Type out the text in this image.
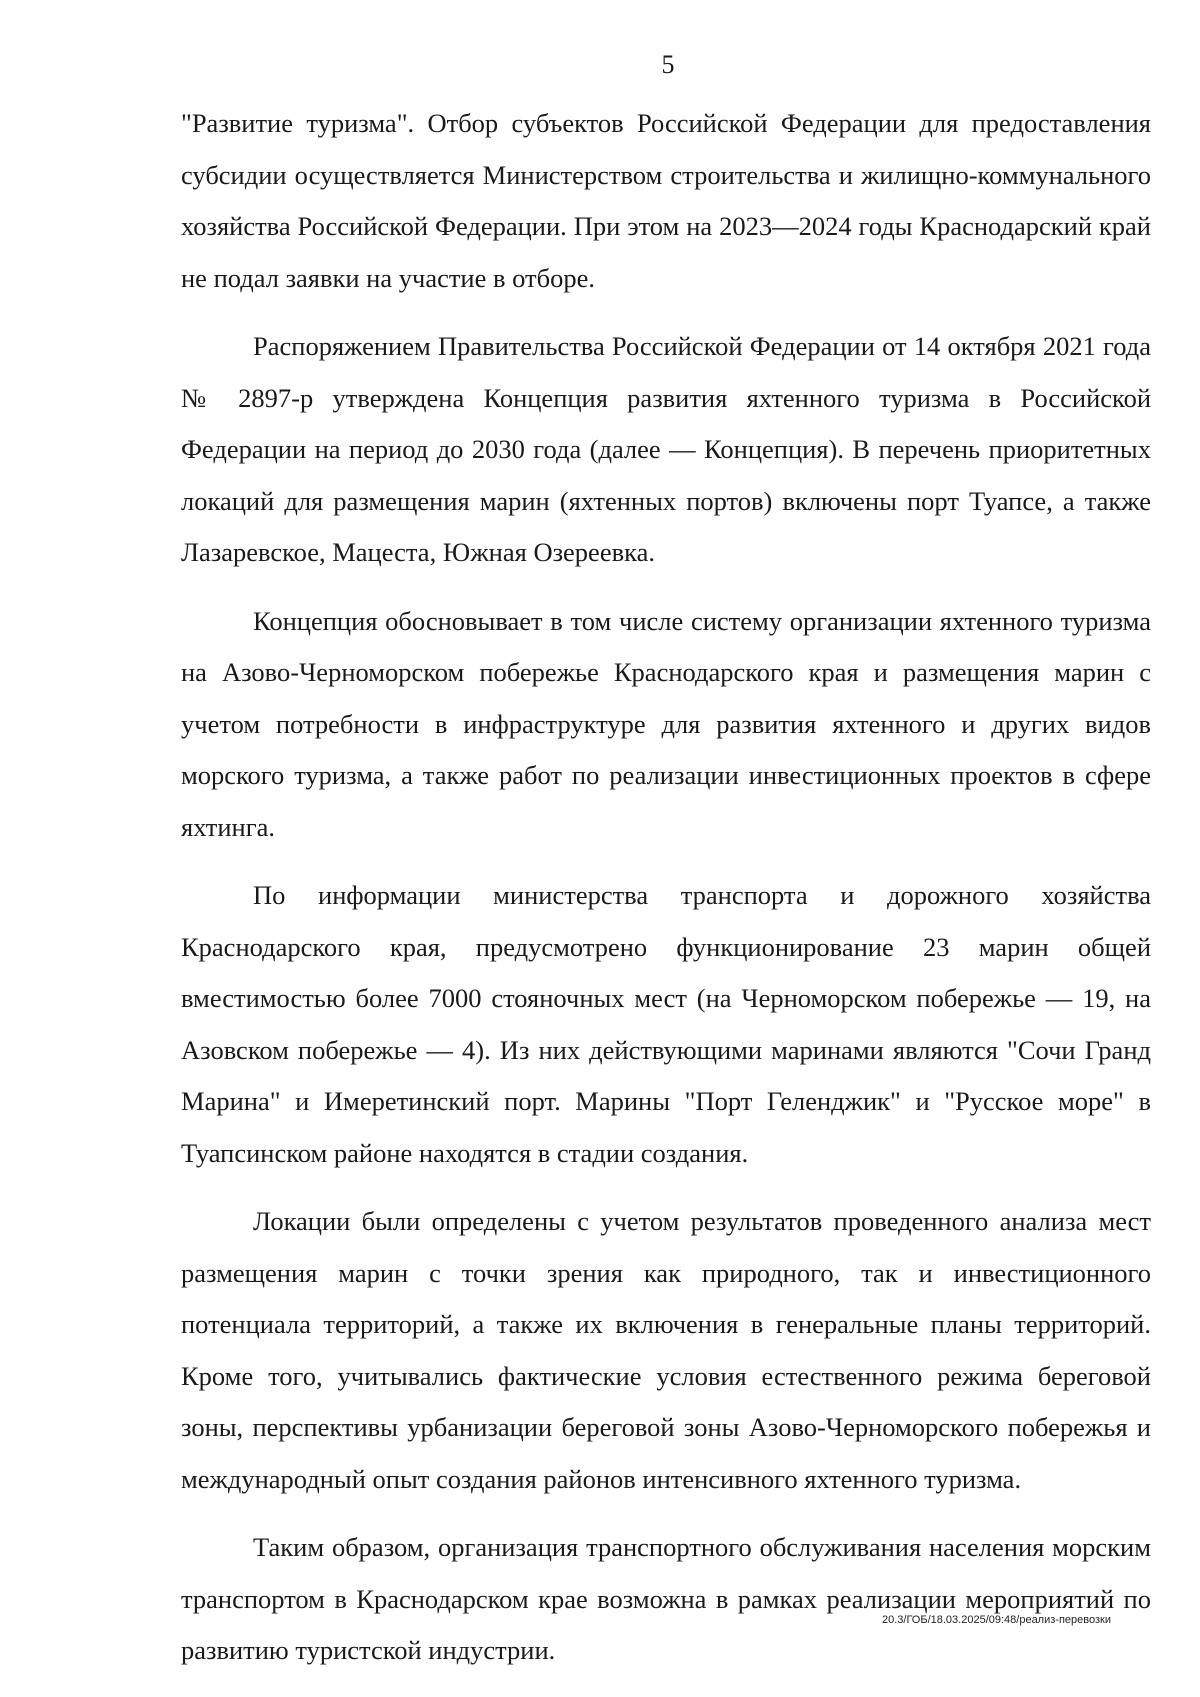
5

"Развитие туризма". Отбор субъектов Российской Федерации для предоставления субсидии осуществляется Министерством строительства и жилищно-коммунального хозяйства Российской Федерации. При этом на 2023—2024 годы Краснодарский край не подал заявки на участие в отборе.

Распоряжением Правительства Российской Федерации от 14 октября 2021 года № 2897-р утверждена Концепция развития яхтенного туризма в Российской Федерации на период до 2030 года (далее — Концепция). В перечень приоритетных локаций для размещения марин (яхтенных портов) включены порт Туапсе, а также Лазаревское, Мацеста, Южная Озереевка.

Концепция обосновывает в том числе систему организации яхтенного туризма на Азово-Черноморском побережье Краснодарского края и размещения марин с учетом потребности в инфраструктуре для развития яхтенного и других видов морского туризма, а также работ по реализации инвестиционных проектов в сфере яхтинга.

По информации министерства транспорта и дорожного хозяйства Краснодарского края, предусмотрено функционирование 23 марин общей вместимостью более 7000 стояночных мест (на Черноморском побережье — 19, на Азовском побережье — 4). Из них действующими маринами являются "Сочи Гранд Марина" и Имеретинский порт. Марины "Порт Геленджик" и "Русское море" в Туапсинском районе находятся в стадии создания.

Локации были определены с учетом результатов проведенного анализа мест размещения марин с точки зрения как природного, так и инвестиционного потенциала территорий, а также их включения в генеральные планы территорий. Кроме того, учитывались фактические условия естественного режима береговой зоны, перспективы урбанизации береговой зоны Азово-Черноморского побережья и международный опыт создания районов интенсивного яхтенного туризма.

Таким образом, организация транспортного обслуживания населения морским транспортом в Краснодарском крае возможна в рамках реализации мероприятий по развитию туристской индустрии.

20.3/ГОБ/18.03.2025/09:48/реализ-перевозки
